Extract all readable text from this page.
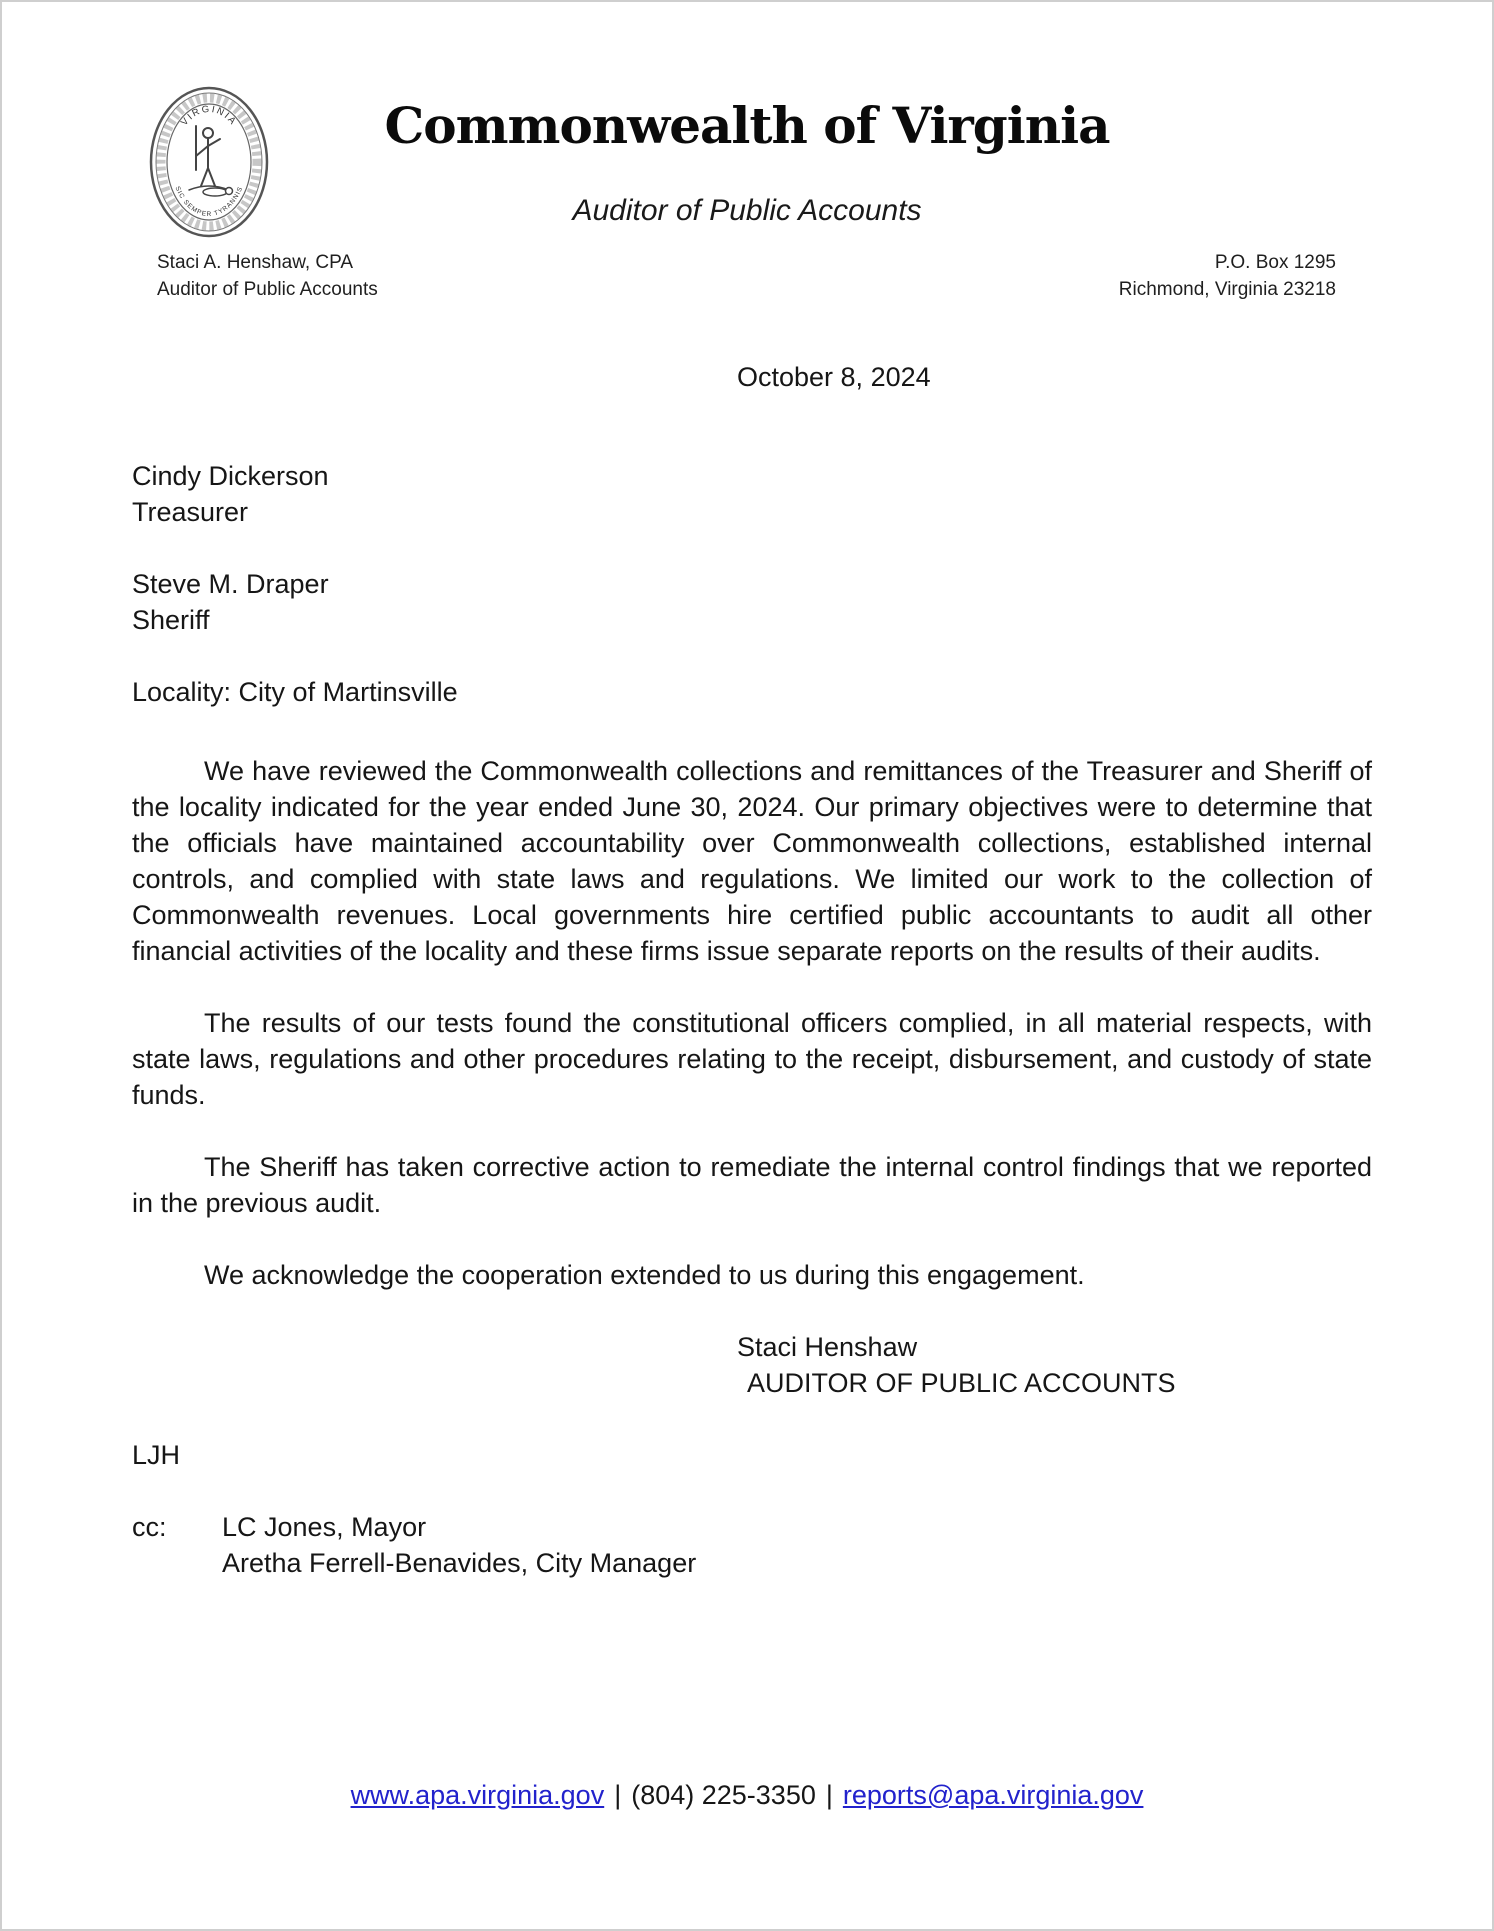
VIRGINIA
SIC SEMPER TYRANNIS
Commonwealth of Virginia
Auditor of Public Accounts
Staci A. Henshaw, CPA
Auditor of Public Accounts
P.O. Box 1295
Richmond, Virginia 23218
October 8, 2024
Cindy Dickerson
Treasurer
Steve M. Draper
Sheriff
Locality: City of Martinsville

We have reviewed the Commonwealth collections and remittances of the Treasurer and Sheriff of the locality indicated for the year ended June 30, 2024. Our primary objectives were to determine that the officials have maintained accountability over Commonwealth collections, established internal controls, and complied with state laws and regulations. We limited our work to the collection of Commonwealth revenues. Local governments hire certified public accountants to audit all other financial activities of the locality and these firms issue separate reports on the results of their audits.

The results of our tests found the constitutional officers complied, in all material respects, with state laws, regulations and other procedures relating to the receipt, disbursement, and custody of state funds.

The Sheriff has taken corrective action to remediate the internal control findings that we reported in the previous audit.

We acknowledge the cooperation extended to us during this engagement.

Staci Henshaw
AUDITOR OF PUBLIC ACCOUNTS
LJH
cc:	LC Jones, Mayor
Aretha Ferrell-Benavides, City Manager
www.apa.virginia.gov | (804) 225-3350 | reports@apa.virginia.gov
